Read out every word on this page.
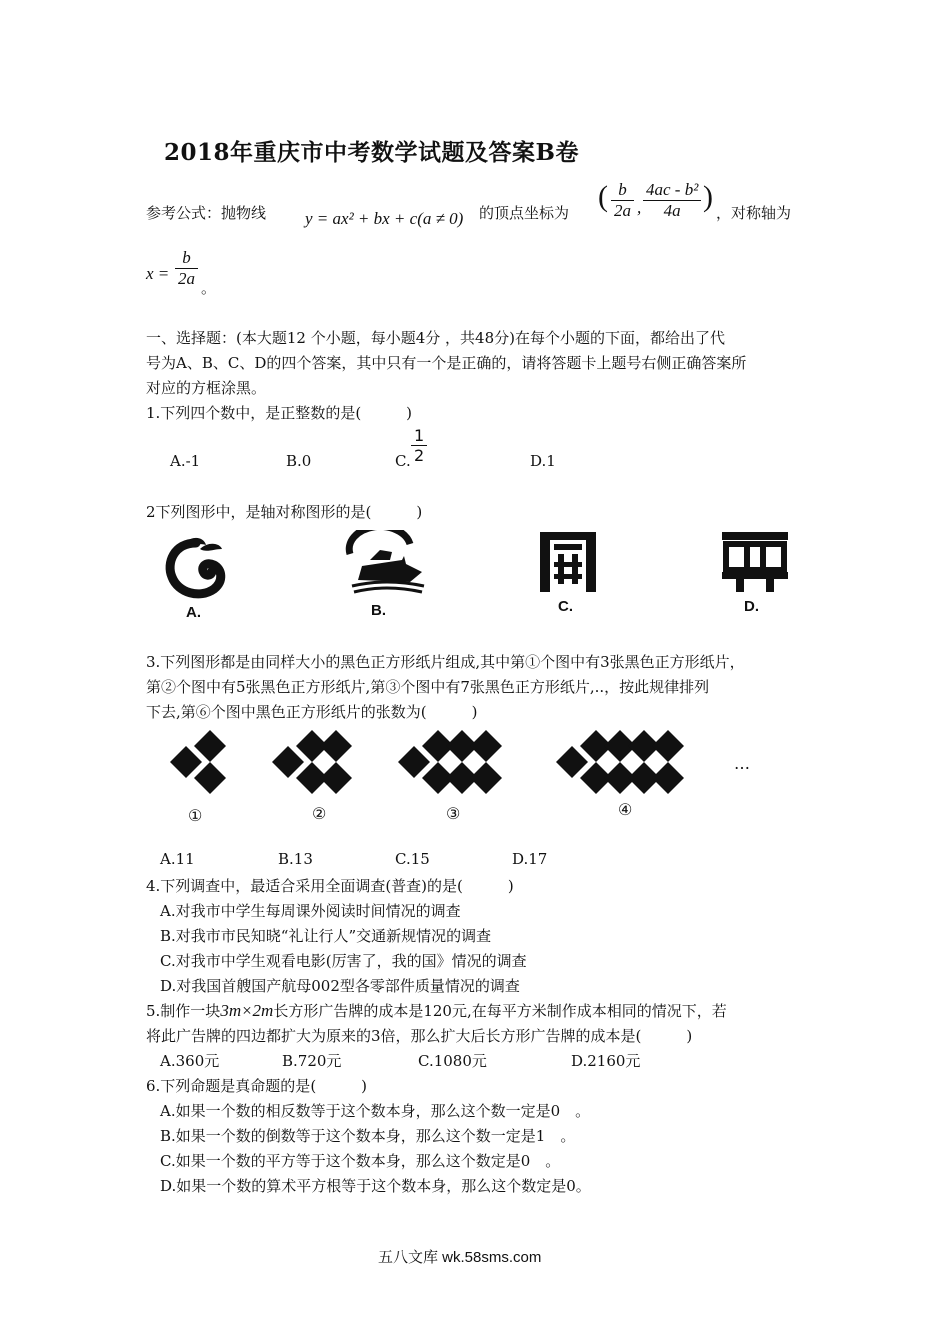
2018年重庆市中考数学试题及答案B卷
参考公式：抛物线 y = ax² + bx + c(a ≠ 0) 的顶点坐标为 ( $\frac{b}{2a}$ , $\frac{\text{4ac - b²}}{4a}$ ) ，对称轴为
$x = \frac{b}{2a}$ 。
一、选择题：(本大题12 个小题，每小题4分 ，共48分)在每个小题的下面，都给出了代
号为A、B、C、D的四个答案，其中只有一个是正确的，请将答题卡上题号右侧正确答案所
对应的方框涂黑。
1.下列四个数中，是正整数的是(　　　)
A.-1	B.0	C. $\frac{1}{2}$	D.1
2下列图形中，是轴对称图形的是(　　　)
A.	B.	C.	D.
3.下列图形都是由同样大小的黑色正方形纸片组成,其中第①个图中有3张黑色正方形纸片，
第②个图中有5张黑色正方形纸片,第③个图中有7张黑色正方形纸片,..，按此规律排列
下去,第⑥个图中黑色正方形纸片的张数为(　　　)
①	②	③	④
…
A.11	B.13	C.15	D.17
4.下列调查中，最适合采用全面调查(普查)的是(　　　)
A.对我市中学生每周课外阅读时间情况的调查
B.对我市市民知晓“礼让行人”交通新规情况的调查
C.对我市中学生观看电影(厉害了，我的国》情况的调查
D.对我国首艘国产航母002型各零部件质量情况的调查
5.制作一块3m×2m长方形广告牌的成本是120元,在每平方米制作成本相同的情况下，若
将此广告牌的四边都扩大为原来的3倍，那么扩大后长方形广告牌的成本是(　　　)
A.360元	B.720元	C.1080元	D.2160元
6.下列命题是真命题的是(　　　)
A.如果一个数的相反数等于这个数本身，那么这个数一定是0　。
B.如果一个数的倒数等于这个数本身，那么这个数一定是1　。
C.如果一个数的平方等于这个数本身，那么这个数定是0　。
D.如果一个数的算术平方根等于这个数本身，那么这个数定是0。
五八文库 wk.58sms.com
